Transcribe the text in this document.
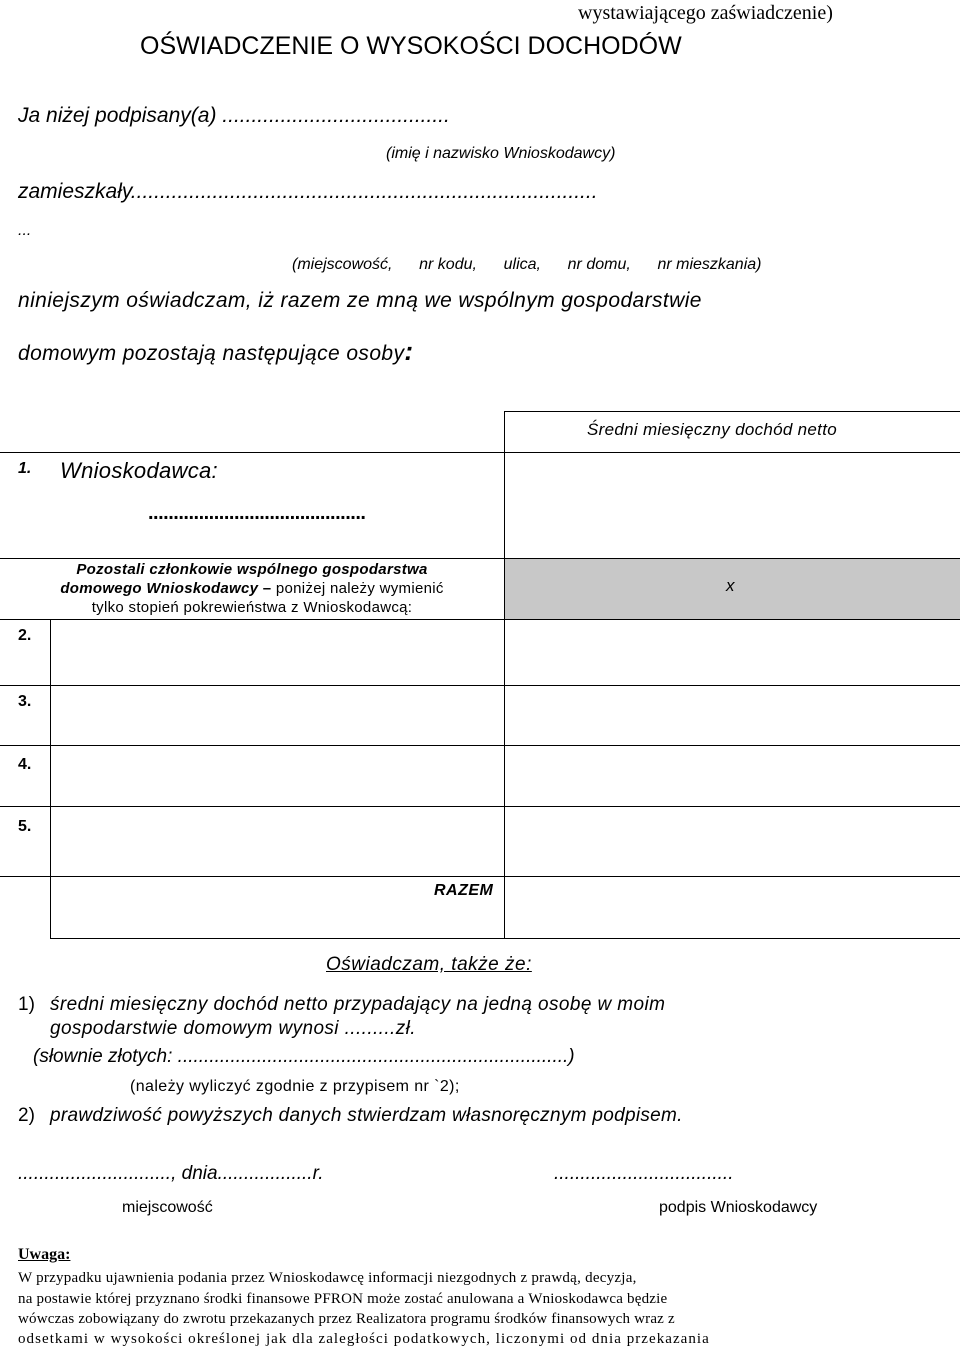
wystawiającego zaświadczenie)
OŚWIADCZENIE O WYSOKOŚCI DOCHODÓW
Ja niżej podpisany(a) .......................................
(imię i nazwisko Wnioskodawcy)
zamieszkały................................................................................
...
(miejscowość,      nr kodu,      ulica,      nr domu,      nr mieszkania)
niniejszym oświadczam, iż razem ze mną we wspólnym gospodarstwie
domowym pozostają następujące osoby:
Średni miesięczny dochód netto
1. Wnioskodawca:
...........................................
Pozostali członkowie wspólnego gospodarstwa
domowego Wnioskodawcy – poniżej należy wymienić
tylko stopień pokrewieństwa z Wnioskodawcą:
x
2.
3.
4.
5.
RAZEM
Oświadczam, także że:
1) średni miesięczny dochód netto przypadający na jedną osobę w moim
gospodarstwie domowym wynosi .........zł.
(słownie złotych: ..........................................................................)
(należy wyliczyć zgodnie z przypisem nr `2);
2) prawdziwość powyższych danych stwierdzam własnoręcznym podpisem.
............................., dnia..................r.	..................................
miejscowość	podpis Wnioskodawcy
Uwaga:
W przypadku ujawnienia podania przez Wnioskodawcę informacji niezgodnych z prawdą, decyzja,
na postawie której przyznano środki finansowe PFRON może zostać anulowana a Wnioskodawca będzie
wówczas zobowiązany do zwrotu przekazanych przez Realizatora programu środków finansowych wraz z
odsetkami w wysokości określonej jak dla zaległości podatkowych, liczonymi od dnia przekazania
